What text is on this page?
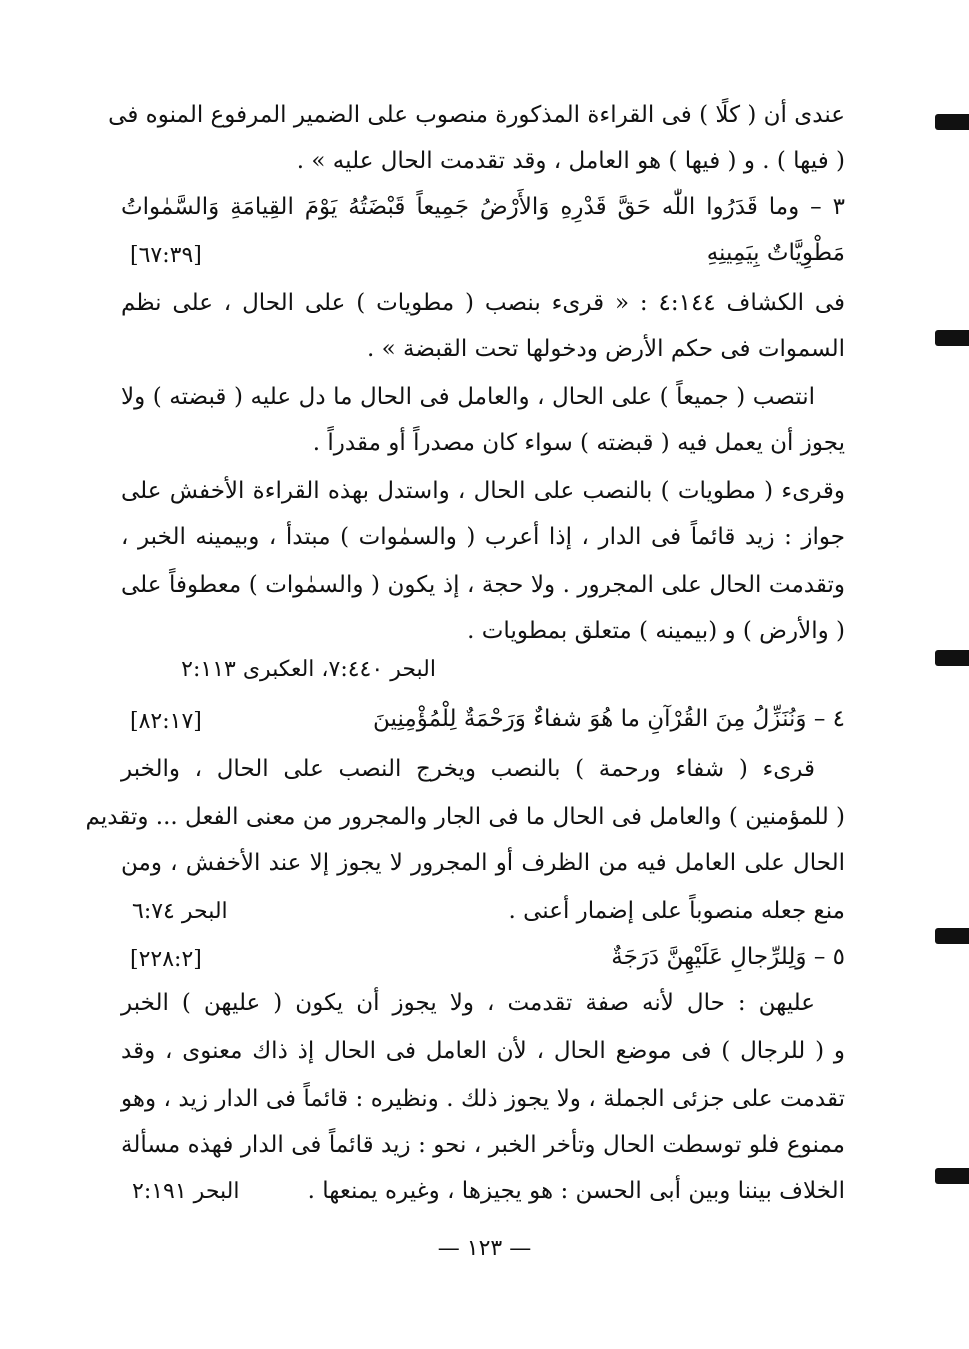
عندى أن ( كلًا ) فى القراءة المذكورة منصوب على الضمير المرفوع المنوه فى
( فيها ) . و ( فيها ) هو العامل ، وقد تقدمت الحال عليه » .
٣ – وما قَدَرُوا اللّٰه حَقَّ قَدْرِهِ وَالأَرْضُ جَمِيعاً قَبْضَتُهُ يَوْمَ القِيامَةِ وَالسَّمٰواتُ
مَطْوِيَّاتٌ بِيَمِينِهِ
[٦٧:٣٩]
فى الكشاف ٤:١٤٤ : « قرىء بنصب ( مطويات ) على الحال ، على نظم
السموات فى حكم الأرض ودخولها تحت القبضة » .
انتصب ( جميعاً ) على الحال ، والعامل فى الحال ما دل عليه ( قبضته ) ولا
يجوز أن يعمل فيه ( قبضته ) سواء كان مصدراً أو مقدراً .
وقرىء ( مطويات ) بالنصب على الحال ، واستدل بهذه القراءة الأخفش على
جواز : زيد قائماً فى الدار ، إذا أعرب ( والسمٰوات ) مبتدأ ، وبيمينه الخبر ،
وتقدمت الحال على المجرور . ولا حجة ، إذ يكون ( والسمٰوات ) معطوفاً على
( والأرض ) و (بيمينه ) متعلق بمطويات .
البحر ٧:٤٤٠، العكبرى ٢:١١٣
٤ – وَنُنَزِّلُ مِنَ القُرْآنِ ما هُوَ شفاءٌ وَرَحْمَةٌ لِلْمُؤْمِنِينَ
[٨٢:١٧]
قرىء ( شفاء ورحمة ) بالنصب ويخرج النصب على الحال ، والخبر
( للمؤمنين ) والعامل فى الحال ما فى الجار والمجرور من معنى الفعل ... وتقديم
الحال على العامل فيه من الظرف أو المجرور لا يجوز إلا عند الأخفش ، ومن
منع جعله منصوباً على إضمار أعنى .
البحر ٦:٧٤
٥ – وَلِلرِّجالِ عَلَيْهِنَّ دَرَجَةٌ
[٢٢٨:٢]
عليهن : حال لأنه صفة تقدمت ، ولا يجوز أن يكون ( عليهن ) الخبر
و ( للرجال ) فى موضع الحال ، لأن العامل فى الحال إذ ذاك معنوى ، وقد
تقدمت على جزئى الجملة ، ولا يجوز ذلك . ونظيره : قائماً فى الدار زيد ، وهو
ممنوع فلو توسطت الحال وتأخر الخبر ، نحو : زيد قائماً فى الدار فهذه مسألة
الخلاف بيننا وبين أبى الحسن : هو يجيزها ، وغيره يمنعها .
البحر ٢:١٩١
— ١٢٣ —
